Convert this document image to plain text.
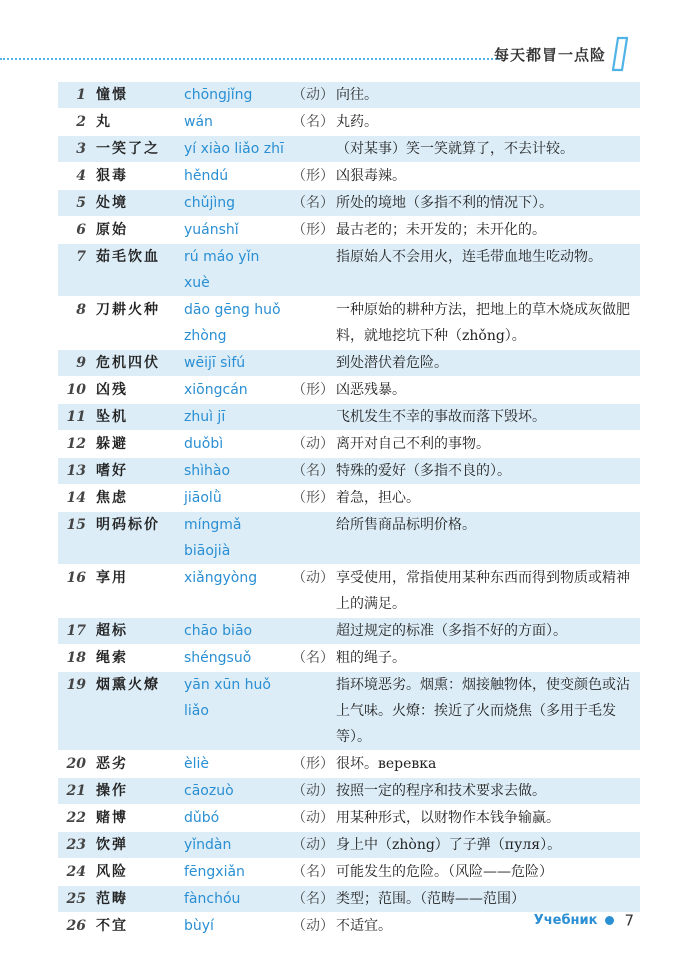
每天都冒一点险
1	憧憬	chōngjǐng	（动）	向往。
2	丸	wán	（名）	丸药。
3	一笑了之	yí xiào liǎo zhī		（对某事）笑一笑就算了，不去计较。
4	狠毒	hěndú	（形）	凶狠毒辣。
5	处境	chǔjìng	（名）	所处的境地（多指不利的情况下）。
6	原始	yuánshǐ	（形）	最古老的；未开发的；未开化的。
7	茹毛饮血	rú máo yǐn xuè		指原始人不会用火，连毛带血地生吃动物。
8	刀耕火种	dāo gēng huǒ zhòng		一种原始的耕种方法，把地上的草木烧成灰做肥料，就地挖坑下种（zhǒng）。
9	危机四伏	wēijī sìfú		到处潜伏着危险。
10	凶残	xiōngcán	（形）	凶恶残暴。
11	坠机	zhuì jī		飞机发生不幸的事故而落下毁坏。
12	躲避	duǒbì	（动）	离开对自己不利的事物。
13	嗜好	shìhào	（名）	特殊的爱好（多指不良的）。
14	焦虑	jiāolǜ	（形）	着急，担心。
15	明码标价	míngmǎ biāojià		给所售商品标明价格。
16	享用	xiǎngyòng	（动）	享受使用，常指使用某种东西而得到物质或精神上的满足。
17	超标	chāo biāo		超过规定的标准（多指不好的方面）。
18	绳索	shéngsuǒ	（名）	粗的绳子。
19	烟熏火燎	yān xūn huǒ liǎo		指环境恶劣。烟熏：烟接触物体，使变颜色或沾上气味。火燎：挨近了火而烧焦（多用于毛发等）。
20	恶劣	èliè	（形）	很坏。веревка
21	操作	cāozuò	（动）	按照一定的程序和技术要求去做。
22	赌博	dǔbó	（动）	用某种形式，以财物作本钱争输赢。
23	饮弹	yǐndàn	（动）	身上中（zhòng）了子弹（пуля）。
24	风险	fēngxiǎn	（名）	可能发生的危险。（风险——危险）
25	范畴	fànchóu	（名）	类型；范围。（范畴——范围）
26	不宜	bùyí	（动）	不适宜。	Учебник 7
